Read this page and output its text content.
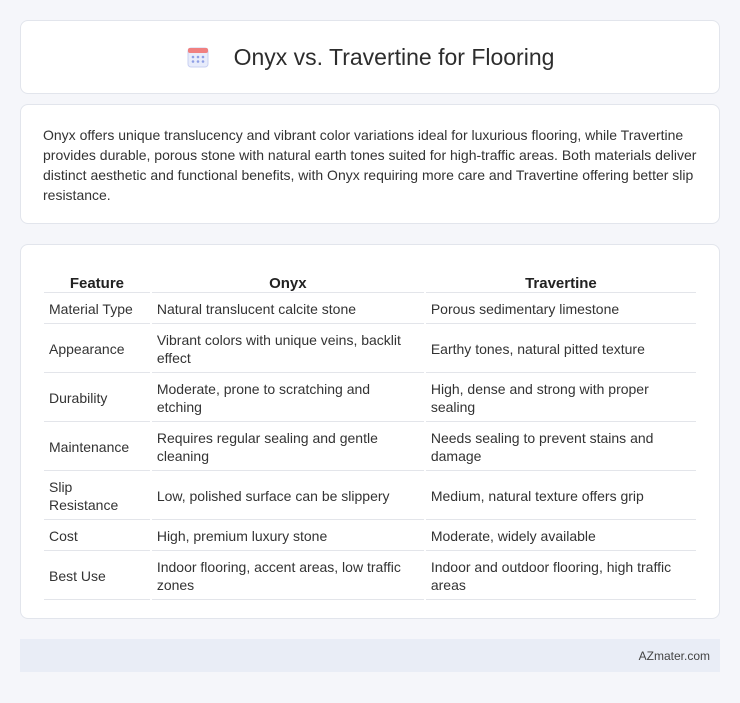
Onyx vs. Travertine for Flooring

Onyx offers unique translucency and vibrant color variations ideal for luxurious flooring, while Travertine provides durable, porous stone with natural earth tones suited for high-traffic areas. Both materials deliver distinct aesthetic and functional benefits, with Onyx requiring more care and Travertine offering better slip resistance.

Feature	Onyx	Travertine
Material Type	Natural translucent calcite stone	Porous sedimentary limestone
Appearance	Vibrant colors with unique veins, backlit effect	Earthy tones, natural pitted texture
Durability	Moderate, prone to scratching and etching	High, dense and strong with proper sealing
Maintenance	Requires regular sealing and gentle cleaning	Needs sealing to prevent stains and damage
Slip Resistance	Low, polished surface can be slippery	Medium, natural texture offers grip
Cost	High, premium luxury stone	Moderate, widely available
Best Use	Indoor flooring, accent areas, low traffic zones	Indoor and outdoor flooring, high traffic areas
AZmater.com
